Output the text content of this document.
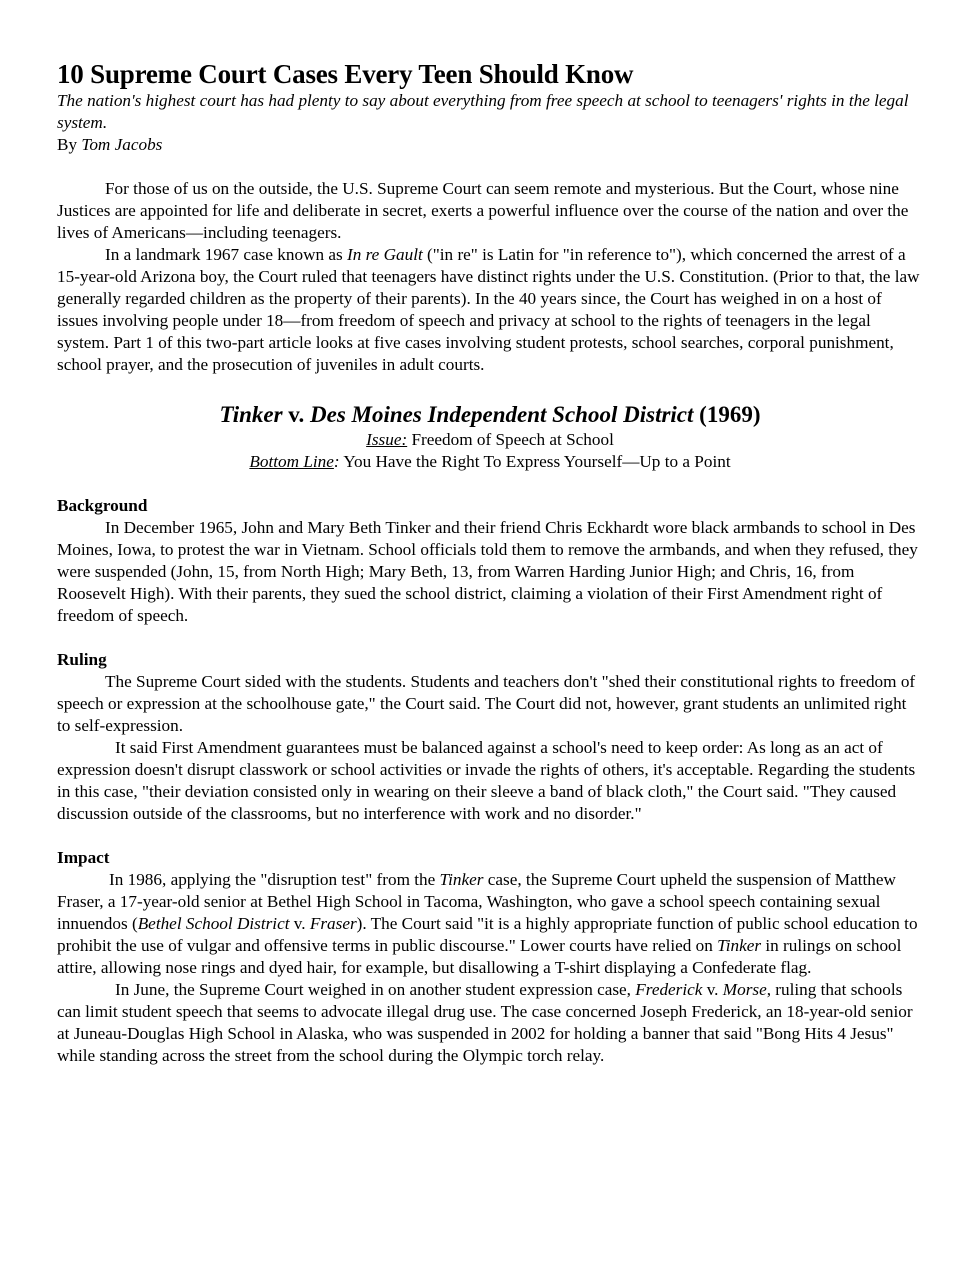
10 Supreme Court Cases Every Teen Should Know

The nation's highest court has had plenty to say about everything from free speech at school to teenagers' rights in the legal system.

By Tom Jacobs

For those of us on the outside, the U.S. Supreme Court can seem remote and mysterious. But the Court, whose nine Justices are appointed for life and deliberate in secret, exerts a powerful influence over the course of the nation and over the lives of Americans—including teenagers.

In a landmark 1967 case known as In re Gault ("in re" is Latin for "in reference to"), which concerned the arrest of a 15-year-old Arizona boy, the Court ruled that teenagers have distinct rights under the U.S. Constitution. (Prior to that, the law generally regarded children as the property of their parents). In the 40 years since, the Court has weighed in on a host of issues involving people under 18—from freedom of speech and privacy at school to the rights of teenagers in the legal system. Part 1 of this two-part article looks at five cases involving student protests, school searches, corporal punishment, school prayer, and the prosecution of juveniles in adult courts.

Tinker v. Des Moines Independent School District (1969)

Issue: Freedom of Speech at School

Bottom Line: You Have the Right To Express Yourself—Up to a Point

Background

In December 1965, John and Mary Beth Tinker and their friend Chris Eckhardt wore black armbands to school in Des Moines, Iowa, to protest the war in Vietnam. School officials told them to remove the armbands, and when they refused, they were suspended (John, 15, from North High; Mary Beth, 13, from Warren Harding Junior High; and Chris, 16, from Roosevelt High). With their parents, they sued the school district, claiming a violation of their First Amendment right of freedom of speech.

Ruling

The Supreme Court sided with the students. Students and teachers don't "shed their constitutional rights to freedom of speech or expression at the schoolhouse gate," the Court said. The Court did not, however, grant students an unlimited right to self-expression.

It said First Amendment guarantees must be balanced against a school's need to keep order: As long as an act of expression doesn't disrupt classwork or school activities or invade the rights of others, it's acceptable. Regarding the students in this case, "their deviation consisted only in wearing on their sleeve a band of black cloth," the Court said. "They caused discussion outside of the classrooms, but no interference with work and no disorder."

Impact

In 1986, applying the "disruption test" from the Tinker case, the Supreme Court upheld the suspension of Matthew Fraser, a 17-year-old senior at Bethel High School in Tacoma, Washington, who gave a school speech containing sexual innuendos (Bethel School District v. Fraser). The Court said "it is a highly appropriate function of public school education to prohibit the use of vulgar and offensive terms in public discourse." Lower courts have relied on Tinker in rulings on school attire, allowing nose rings and dyed hair, for example, but disallowing a T-shirt displaying a Confederate flag.

In June, the Supreme Court weighed in on another student expression case, Frederick v. Morse, ruling that schools can limit student speech that seems to advocate illegal drug use. The case concerned Joseph Frederick, an 18-year-old senior at Juneau-Douglas High School in Alaska, who was suspended in 2002 for holding a banner that said "Bong Hits 4 Jesus" while standing across the street from the school during the Olympic torch relay.
